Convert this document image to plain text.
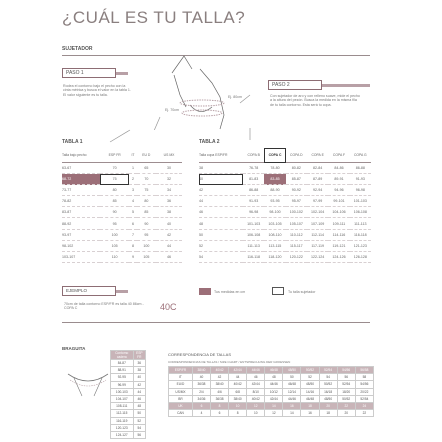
¿CUÁL ES TU TALLA?
SUJETADOR
PASO 1
Rodea el contorno bajo el pecho con la cinta métrica y busca el valor en la tabla 1. El valor siguiente es tu talla.
Ej. 80cm
Ej. 70cm
PASO 2
Con sujetador de aro y con relleno suave, mide el pecho a la altura del pezón. Busca la medida en la misma fila de tu talla contorno. Esta será tu copa.
TABLA 1
Talla bajo pecho	ESP FR	IT	EU D	US MX
63-67	70	1	65	30
68-72	75	2	70	32
73-77	80	3	75	34
78-82	85	4	80	36
83-87	90	5	85	38
88-92	95	6	90	40
93-97	100	7	95	42
98-102	105	8	100	44
103-107	110	9	105	46
TABLA 2
Talla copa ESP/FR	COPA B	COPA C	COPA D	COPA E	COPA F	COPA G
38	76-78	78-80	80-82	82-84	84-86	86-88
40	81-83	83-85	85-87	87-89	89-91	91-93
42	86-88	88-90	90-92	92-94	94-96	96-98
44	91-93	93-95	95-97	97-99	99-101	101-103
46	96-98	98-100	100-102	102-104	104-106	106-108
48	101-103	103-105	105-107	107-109	109-111	111-113
50	106-108	108-110	110-112	112-114	114-116	116-118
52	111-113	113-115	115-117	117-119	119-121	121-123
54	116-118	118-120	120-122	122-124	124-126	126-128
EJEMPLO
70cm de talla contorno ESP/FR es talla 40 86cm - COPA C	40C
Tus medidas en cm	Tu talla sujetador
BRAGUITA
Contorno cadera	ESP FR
84-87	36
88-91	38
92-95	40
96-99	42
100-103	44
104-107	46
108-111	48
112-115	50
116-119	52
120-123	54
124-127	56
CORRESPONDENCIA DE TALLAS
CORRESPONDENCIAS DE TALLAS / SIZE CHART / ENTSPRECHUNG DER GROESSEN
ESP/FR	38/40	40/42	42/44	44/46	46/48	48/50	50/52	52/54	54/56	56/58
IT	40	42	44	46	48	50	52	54	56	58
EU/D	36/38	38/40	40/42	42/44	44/46	46/48	48/50	50/52	52/54	54/56
US/MX	2/4	4/6	6/8	8/10	10/12	12/14	14/16	16/18	18/20	20/22
BR	34/36	36/38	38/40	40/42	42/44	44/46	46/48	48/50	50/52	52/54
UK	6	8	10	12	14	16	18	20	22	24
CAN	4	6	8	10	12	14	16	18	20	22
